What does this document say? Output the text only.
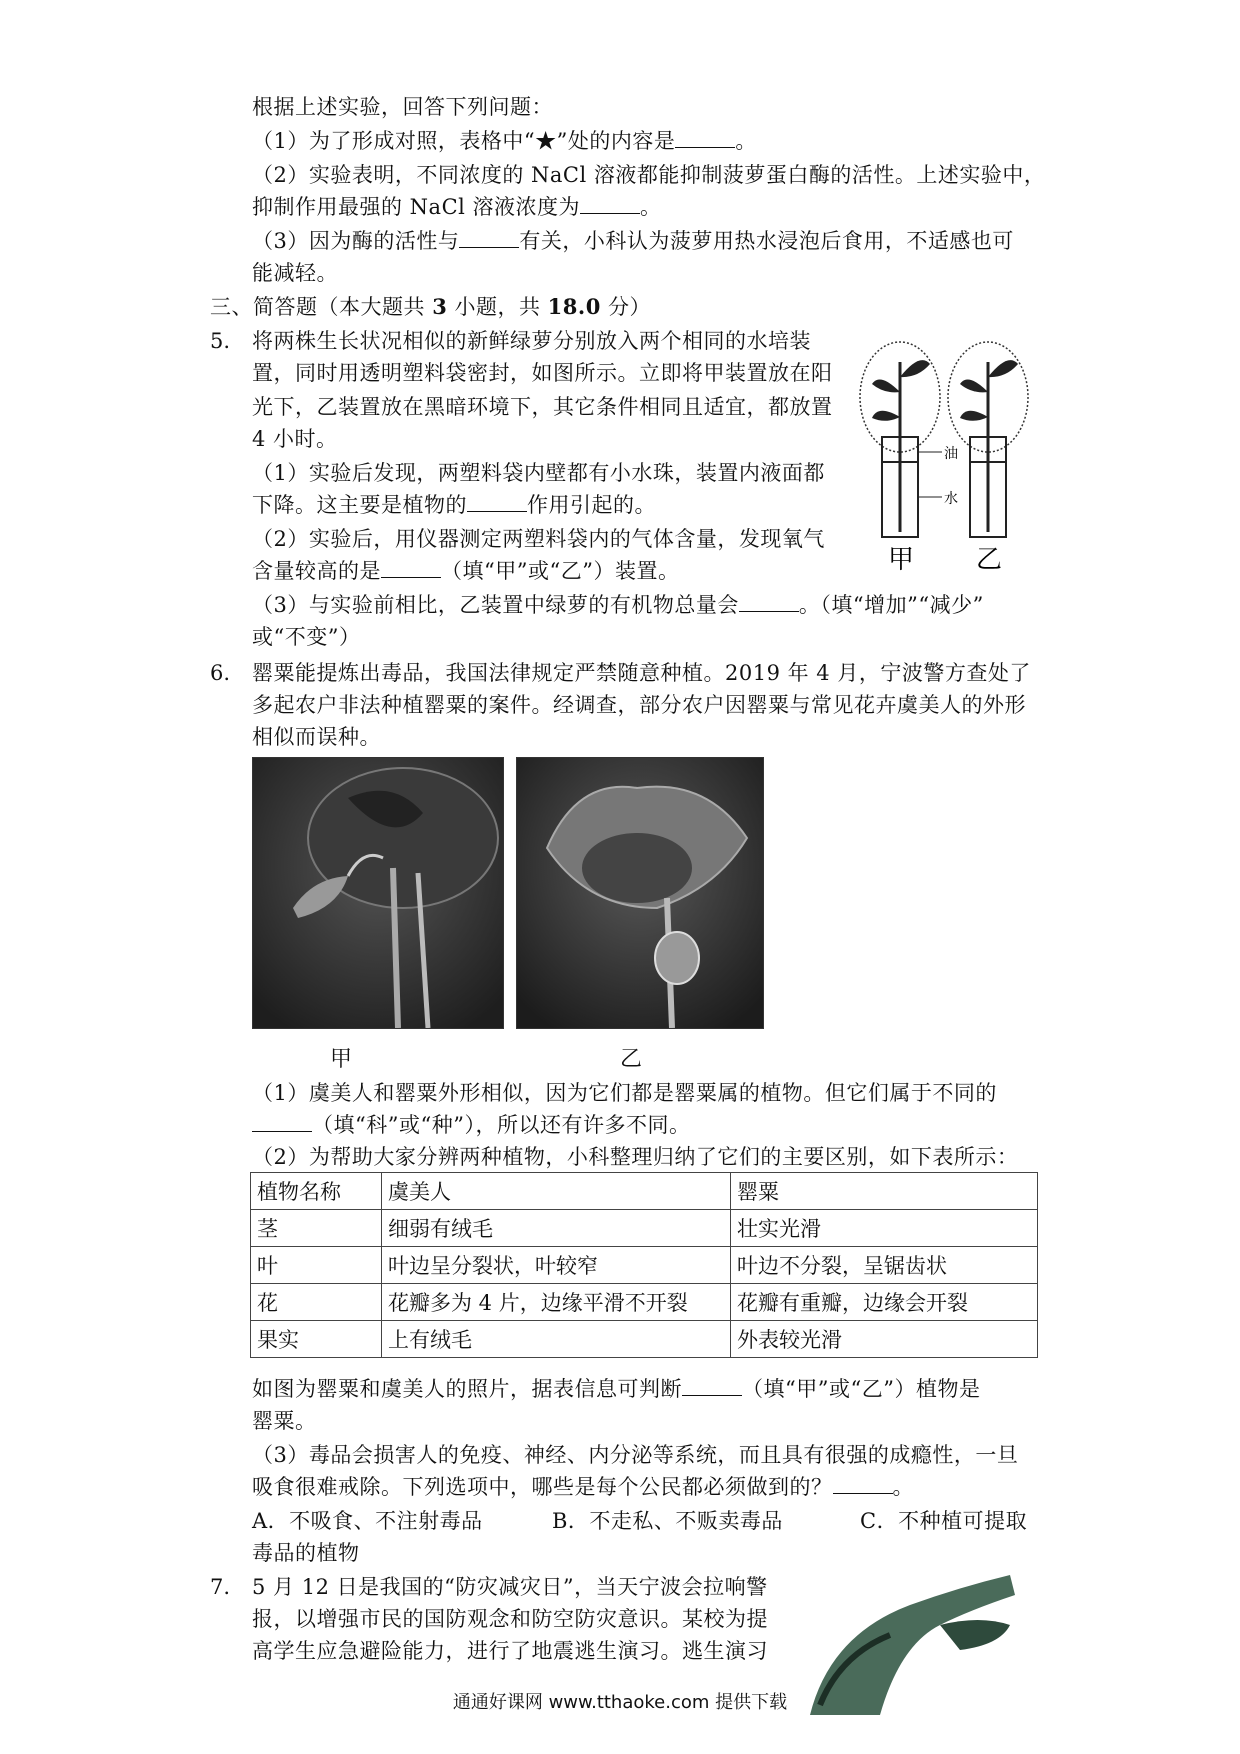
根据上述实验，回答下列问题：
（1）为了形成对照，表格中“★”处的内容是	。
（2）实验表明，不同浓度的 NaCl 溶液都能抑制菠萝蛋白酶的活性。上述实验中，
抑制作用最强的 NaCl 溶液浓度为	。
（3）因为酶的活性与	有关，小科认为菠萝用热水浸泡后食用，不适感也可
能减轻。
三、简答题（本大题共 3 小题，共 18.0 分）
5. 将两株生长状况相似的新鲜绿萝分别放入两个相同的水培装
置，同时用透明塑料袋密封，如图所示。立即将甲装置放在阳
光下，乙装置放在黑暗环境下，其它条件相同且适宜，都放置
4 小时。
（1）实验后发现，两塑料袋内壁都有小水珠，装置内液面都
下降。这主要是植物的	作用引起的。
（2）实验后，用仪器测定两塑料袋内的气体含量，发现氧气
含量较高的是	（填“甲”或“乙”）装置。
（3）与实验前相比，乙装置中绿萝的有机物总量会	。（填“增加”“减少”
或“不变”）
油
水
甲 乙
6. 罂粟能提炼出毒品，我国法律规定严禁随意种植。2019 年 4 月，宁波警方查处了
多起农户非法种植罂粟的案件。经调查，部分农户因罂粟与常见花卉虞美人的外形
相似而误种。
甲	乙
（1）虞美人和罂粟外形相似，因为它们都是罂粟属的植物。但它们属于不同的
（填“科”或“种”），所以还有许多不同。
（2）为帮助大家分辨两种植物，小科整理归纳了它们的主要区别，如下表所示：
植物名称	虞美人	罂粟
茎	细弱有绒毛	壮实光滑
叶	叶边呈分裂状，叶较窄	叶边不分裂，呈锯齿状
花	花瓣多为 4 片，边缘平滑不开裂	花瓣有重瓣，边缘会开裂
果实	上有绒毛	外表较光滑
如图为罂粟和虞美人的照片，据表信息可判断	（填“甲”或“乙”）植物是
罂粟。
（3）毒品会损害人的免疫、神经、内分泌等系统，而且具有很强的成瘾性，一旦
吸食很难戒除。下列选项中，哪些是每个公民都必须做到的？	。
A．不吸食、不注射毒品	B．不走私、不贩卖毒品	C．不种植可提取
毒品的植物
7. 5 月 12 日是我国的“防灾减灾日”，当天宁波会拉响警
报，以增强市民的国防观念和防空防灾意识。某校为提
高学生应急避险能力，进行了地震逃生演习。逃生演习
通通好课网 www.tthaoke.com 提供下载
